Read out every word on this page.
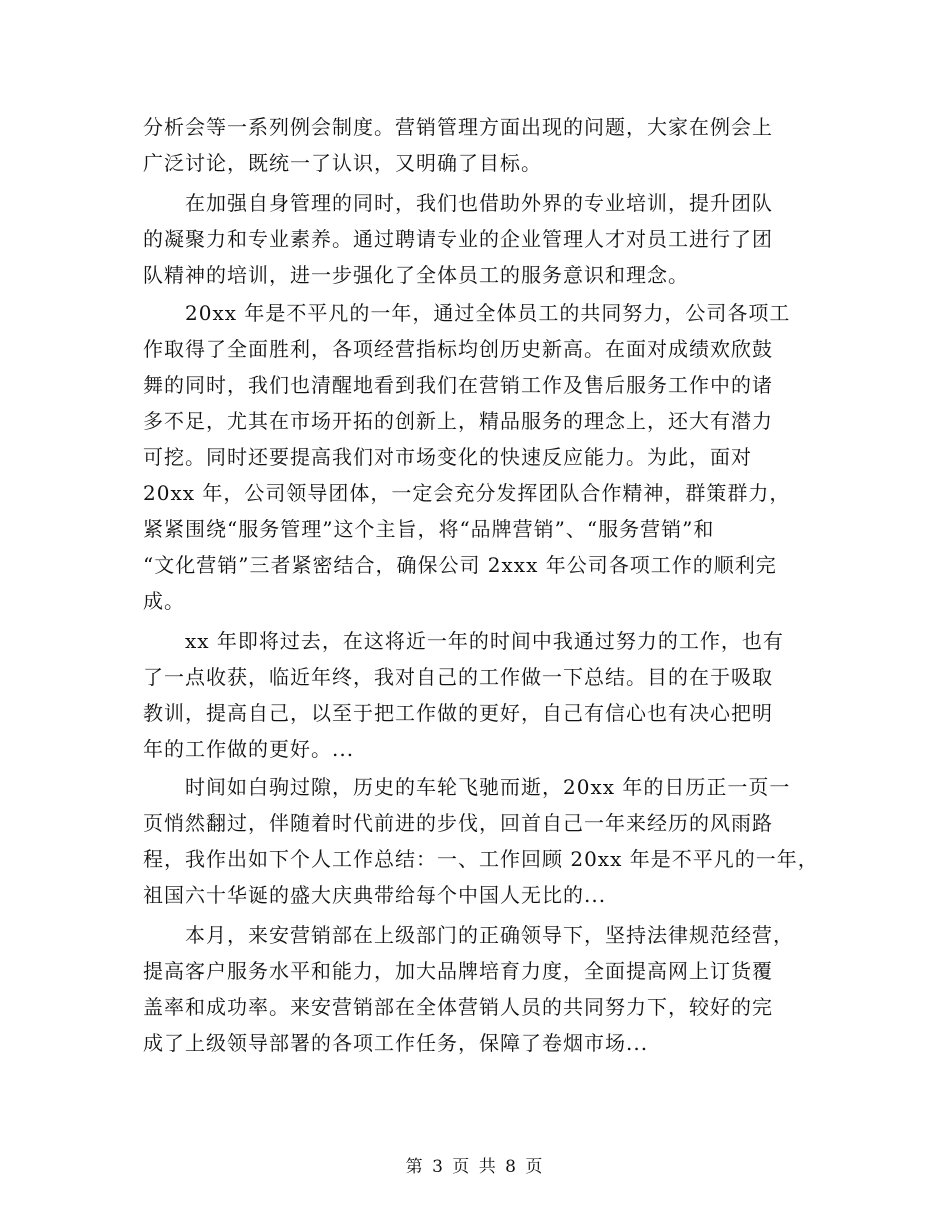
分析会等一系列例会制度。营销管理方面出现的问题，大家在例会上
广泛讨论，既统一了认识，又明确了目标。
在加强自身管理的同时，我们也借助外界的专业培训，提升团队
的凝聚力和专业素养。通过聘请专业的企业管理人才对员工进行了团
队精神的培训，进一步强化了全体员工的服务意识和理念。
20xx 年是不平凡的一年，通过全体员工的共同努力，公司各项工
作取得了全面胜利，各项经营指标均创历史新高。在面对成绩欢欣鼓
舞的同时，我们也清醒地看到我们在营销工作及售后服务工作中的诸
多不足，尤其在市场开拓的创新上，精品服务的理念上，还大有潜力
可挖。同时还要提高我们对市场变化的快速反应能力。为此，面对
20xx 年，公司领导团体，一定会充分发挥团队合作精神，群策群力，
紧紧围绕“服务管理”这个主旨，将“品牌营销”、“服务营销”和
“文化营销”三者紧密结合，确保公司 2xxx 年公司各项工作的顺利完
成。
xx 年即将过去，在这将近一年的时间中我通过努力的工作，也有
了一点收获，临近年终，我对自己的工作做一下总结。目的在于吸取
教训，提高自己，以至于把工作做的更好，自己有信心也有决心把明
年的工作做的更好。...
时间如白驹过隙，历史的车轮飞驰而逝，20xx 年的日历正一页一
页悄然翻过，伴随着时代前进的步伐，回首自己一年来经历的风雨路
程，我作出如下个人工作总结：一、工作回顾 20xx 年是不平凡的一年，
祖国六十华诞的盛大庆典带给每个中国人无比的...
本月，来安营销部在上级部门的正确领导下，坚持法律规范经营，
提高客户服务水平和能力，加大品牌培育力度，全面提高网上订货覆
盖率和成功率。来安营销部在全体营销人员的共同努力下，较好的完
成了上级领导部署的各项工作任务，保障了卷烟市场...
第 3 页 共 8 页
